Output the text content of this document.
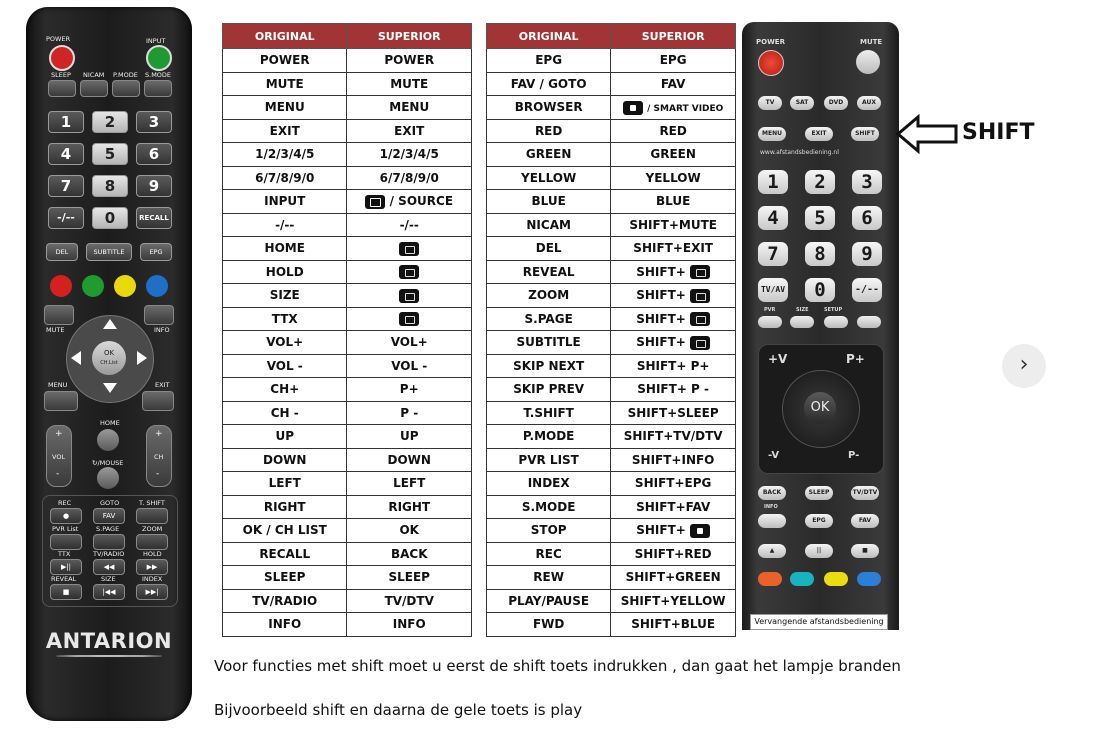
POWER	INPUT
SLEEP NICAM P.MODE S.MODE
1	2	3
4	5	6
7	8	9
-/--	0	RECALL
DEL	SUBTITLE	EPG
MUTE	INFO
OK
CH.List
MENU	EXIT
+
VOL
-
+
CH
-
HOME
↻/MOUSE
REC	GOTO	T. SHIFT
●	FAV
PVR List	S.PAGE	ZOOM
TTX	TV/RADIO	HOLD
▶||	◀◀	▶▶
REVEAL	SIZE	INDEX
■	|◀◀	▶▶|
ANTARION
ORIGINAL	SUPERIOR
POWER	POWER
MUTE	MUTE
MENU	MENU
EXIT	EXIT
1/2/3/4/5	1/2/3/4/5
6/7/8/9/0	6/7/8/9/0
INPUT	/ SOURCE
-/--	-/--
HOME	
HOLD	
SIZE	
TTX	
VOL+	VOL+
VOL -	VOL -
CH+	P+
CH -	P -
UP	UP
DOWN	DOWN
LEFT	LEFT
RIGHT	RIGHT
OK / CH LIST	OK
RECALL	BACK
SLEEP	SLEEP
TV/RADIO	TV/DTV
INFO	INFO
ORIGINAL	SUPERIOR
EPG	EPG
FAV / GOTO	FAV
BROWSER	/ SMART VIDEO
RED	RED
GREEN	GREEN
YELLOW	YELLOW
BLUE	BLUE
NICAM	SHIFT+MUTE
DEL	SHIFT+EXIT
REVEAL	SHIFT+
ZOOM	SHIFT+
S.PAGE	SHIFT+
SUBTITLE	SHIFT+
SKIP NEXT	SHIFT+ P+
SKIP PREV	SHIFT+ P -
T.SHIFT	SHIFT+SLEEP
P.MODE	SHIFT+TV/DTV
PVR LIST	SHIFT+INFO
INDEX	SHIFT+EPG
S.MODE	SHIFT+FAV
STOP	SHIFT+
REC	SHIFT+RED
REW	SHIFT+GREEN
PLAY/PAUSE	SHIFT+YELLOW
FWD	SHIFT+BLUE
POWER	MUTE
TV	SAT	DVD	AUX
MENU	EXIT	SHIFT
www.afstandsbediening.nl
1	2	3
4	5	6
7	8	9
TV/AV	0	-/--
PVR	SIZE	SETUP
+V	P+
-V	P-
OK
BACK	SLEEP	TV/DTV
INFO
EPG	FAV
▲	||	■
Vervangende afstandsbediening
SHIFT
›
Voor functies met shift moet u eerst de shift toets indrukken , dan gaat het lampje branden
Bijvoorbeeld shift en daarna de gele toets is play
